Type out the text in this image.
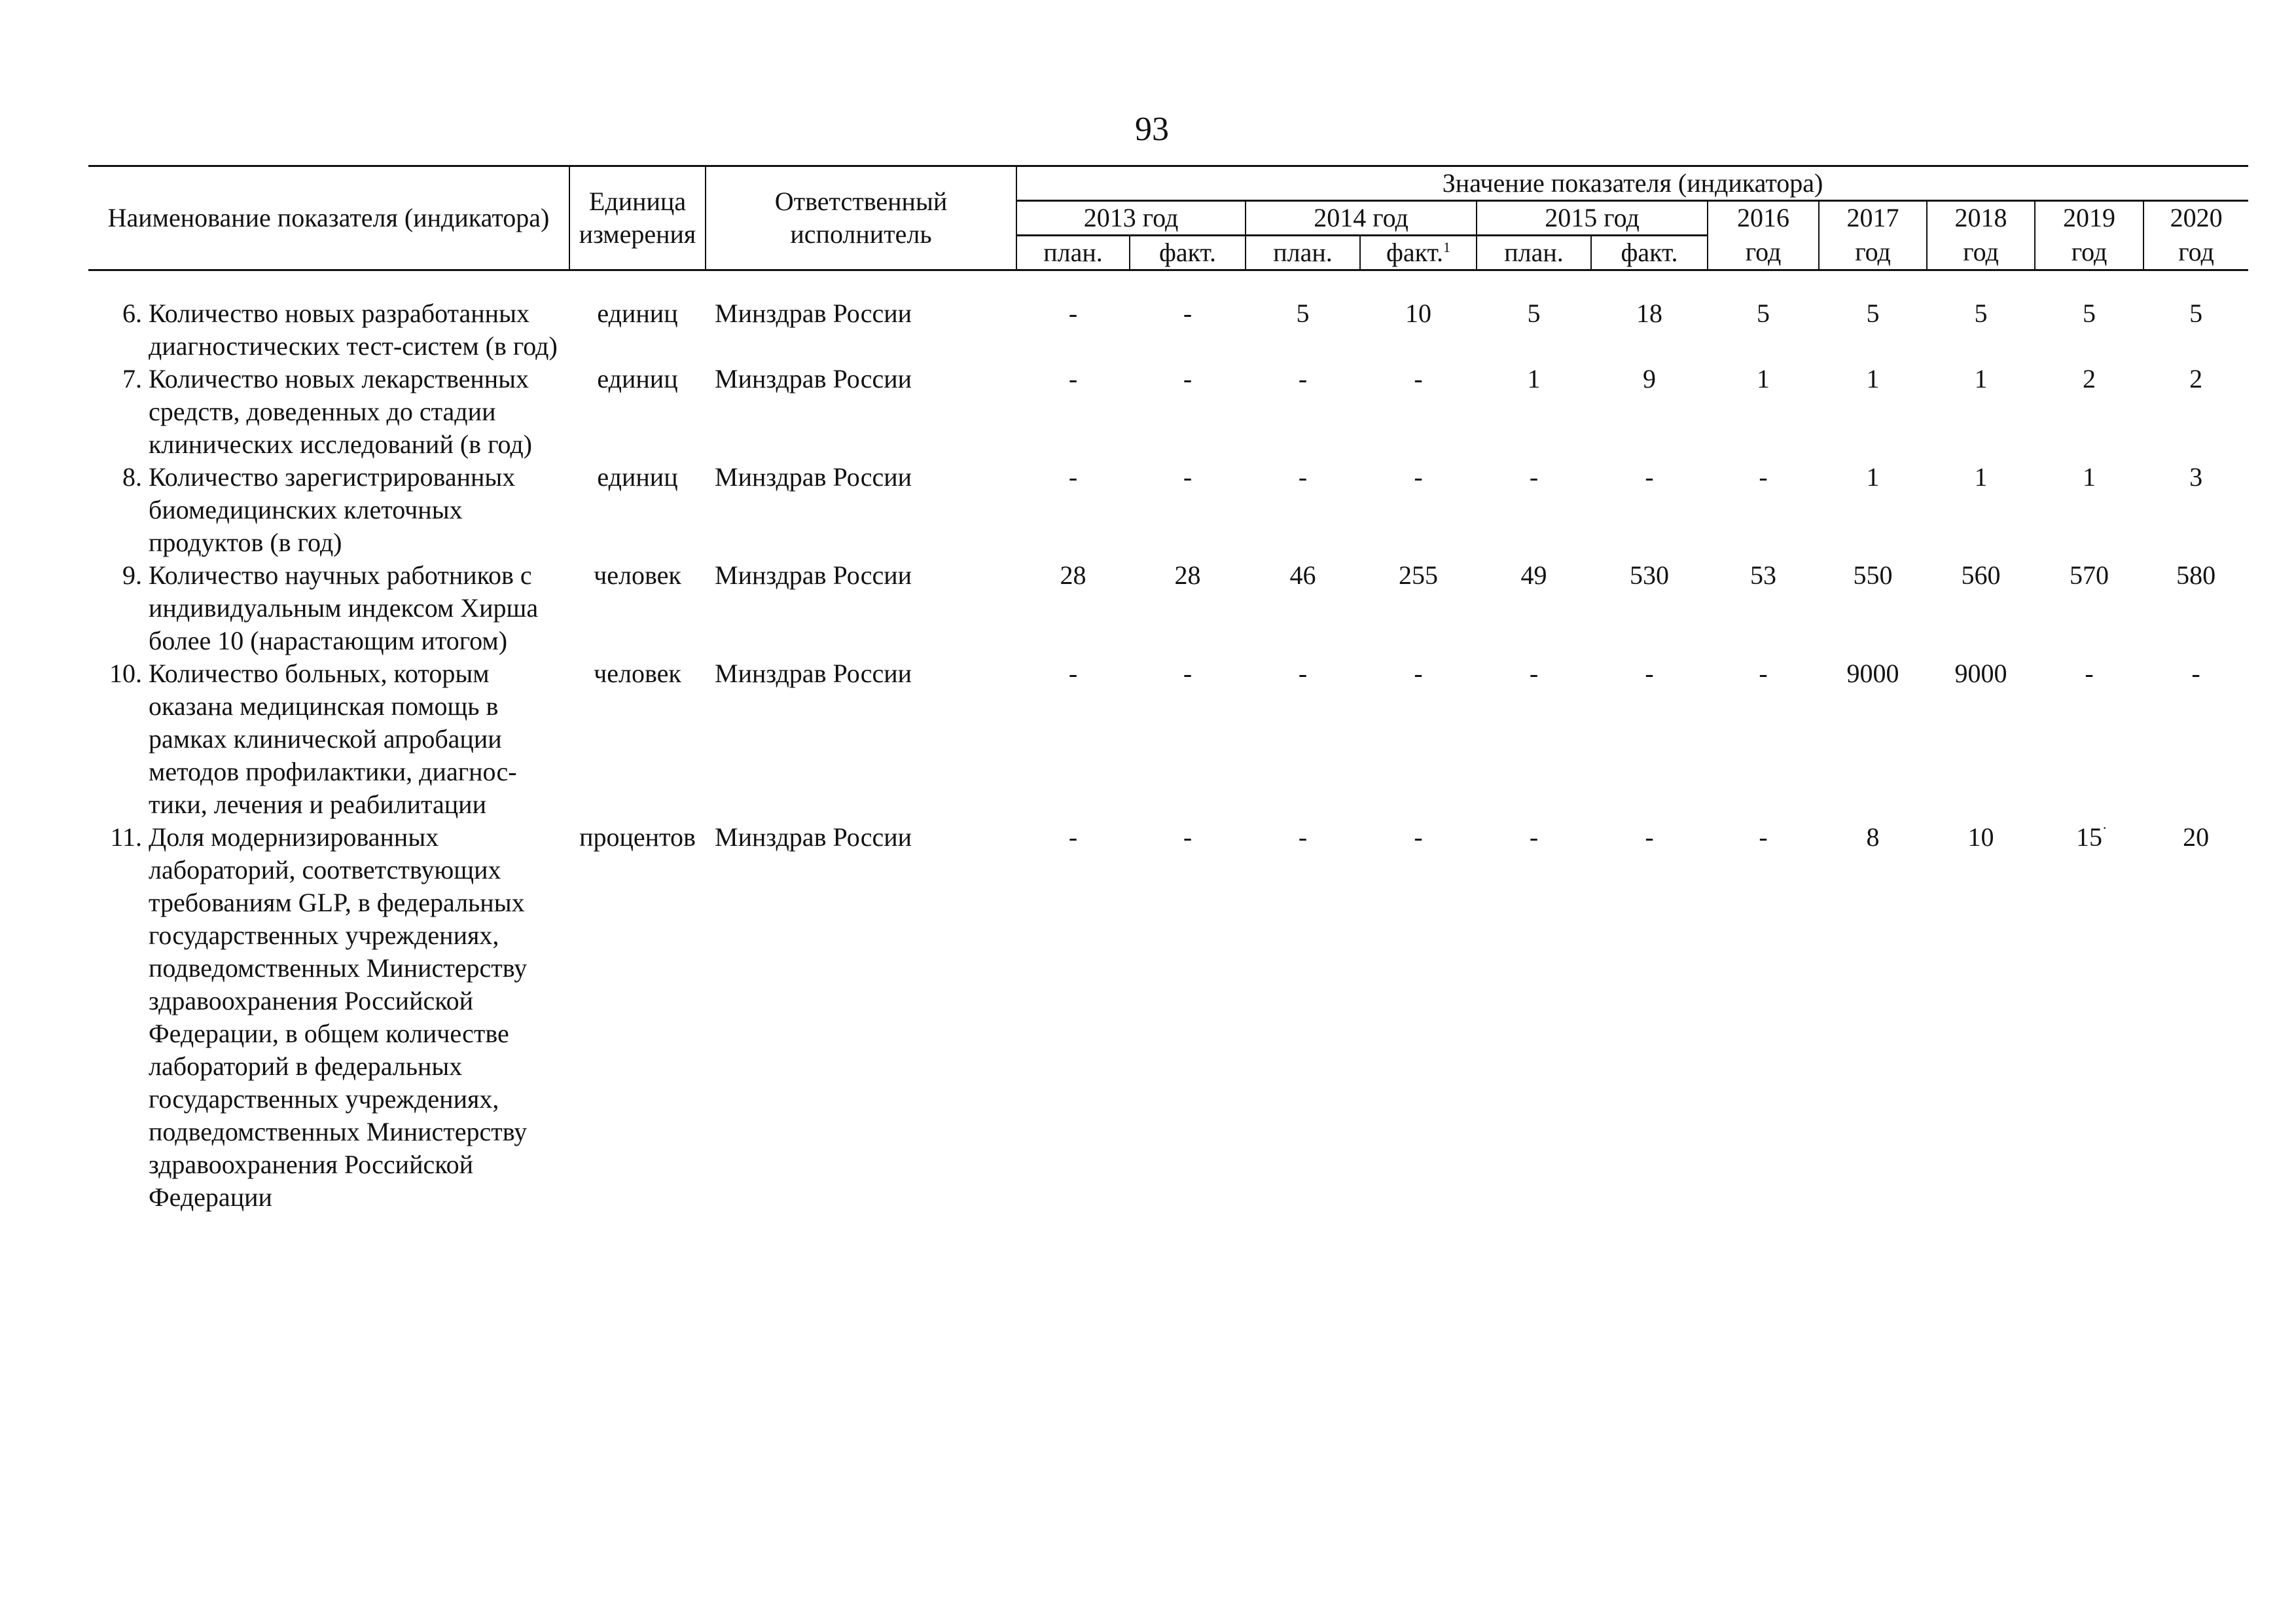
93
Наименование показателя (индикатора)	Единица измерения	Ответственный исполнитель	Значение показателя (индикатора)										
			2013 год		2014 год		2015 год		2016	2017	2018	2019	2020
			план.	факт.	план.	факт.$^1$	план.	факт.	год	год	год	год	год

6. Количество новых разработанных диагностических тест-систем (в год)	единиц	Минздрав России	-	-	5	10	5	18	5	5	5	5	5

7. Количество новых лекарственных средств, доведенных до стадии клинических исследований (в год)	единиц	Минздрав России	-	-	-	-	1	9	1	1	1	2	2

8. Количество зарегистрированных биомедицинских клеточных продуктов (в год)	единиц	Минздрав России	-	-	-	-	-	-	-	1	1	1	3

9. Количество научных работников с индивидуальным индексом Хирша более 10 (нарастающим итогом)	человек	Минздрав России	28	28	46	255	49	530	53	550	560	570	580

10. Количество больных, которым оказана медицинская помощь в рамках клинической апробации методов профилактики, диагнос-тики, лечения и реабилитации	человек	Минздрав России	-	-	-	-	-	-	-	9000	9000	-	-

11. Доля модернизированных лабораторий, соответствующих требованиям GLP, в федеральных государственных учреждениях, подведомственных Министерству здравоохранения Российской Федерации, в общем количестве лабораторий в федеральных государственных учреждениях, подведомственных Министерству здравоохранения Российской Федерации	процентов	Минздрав России	-	-	-	-	-	-	-	8	10	15	20
·
